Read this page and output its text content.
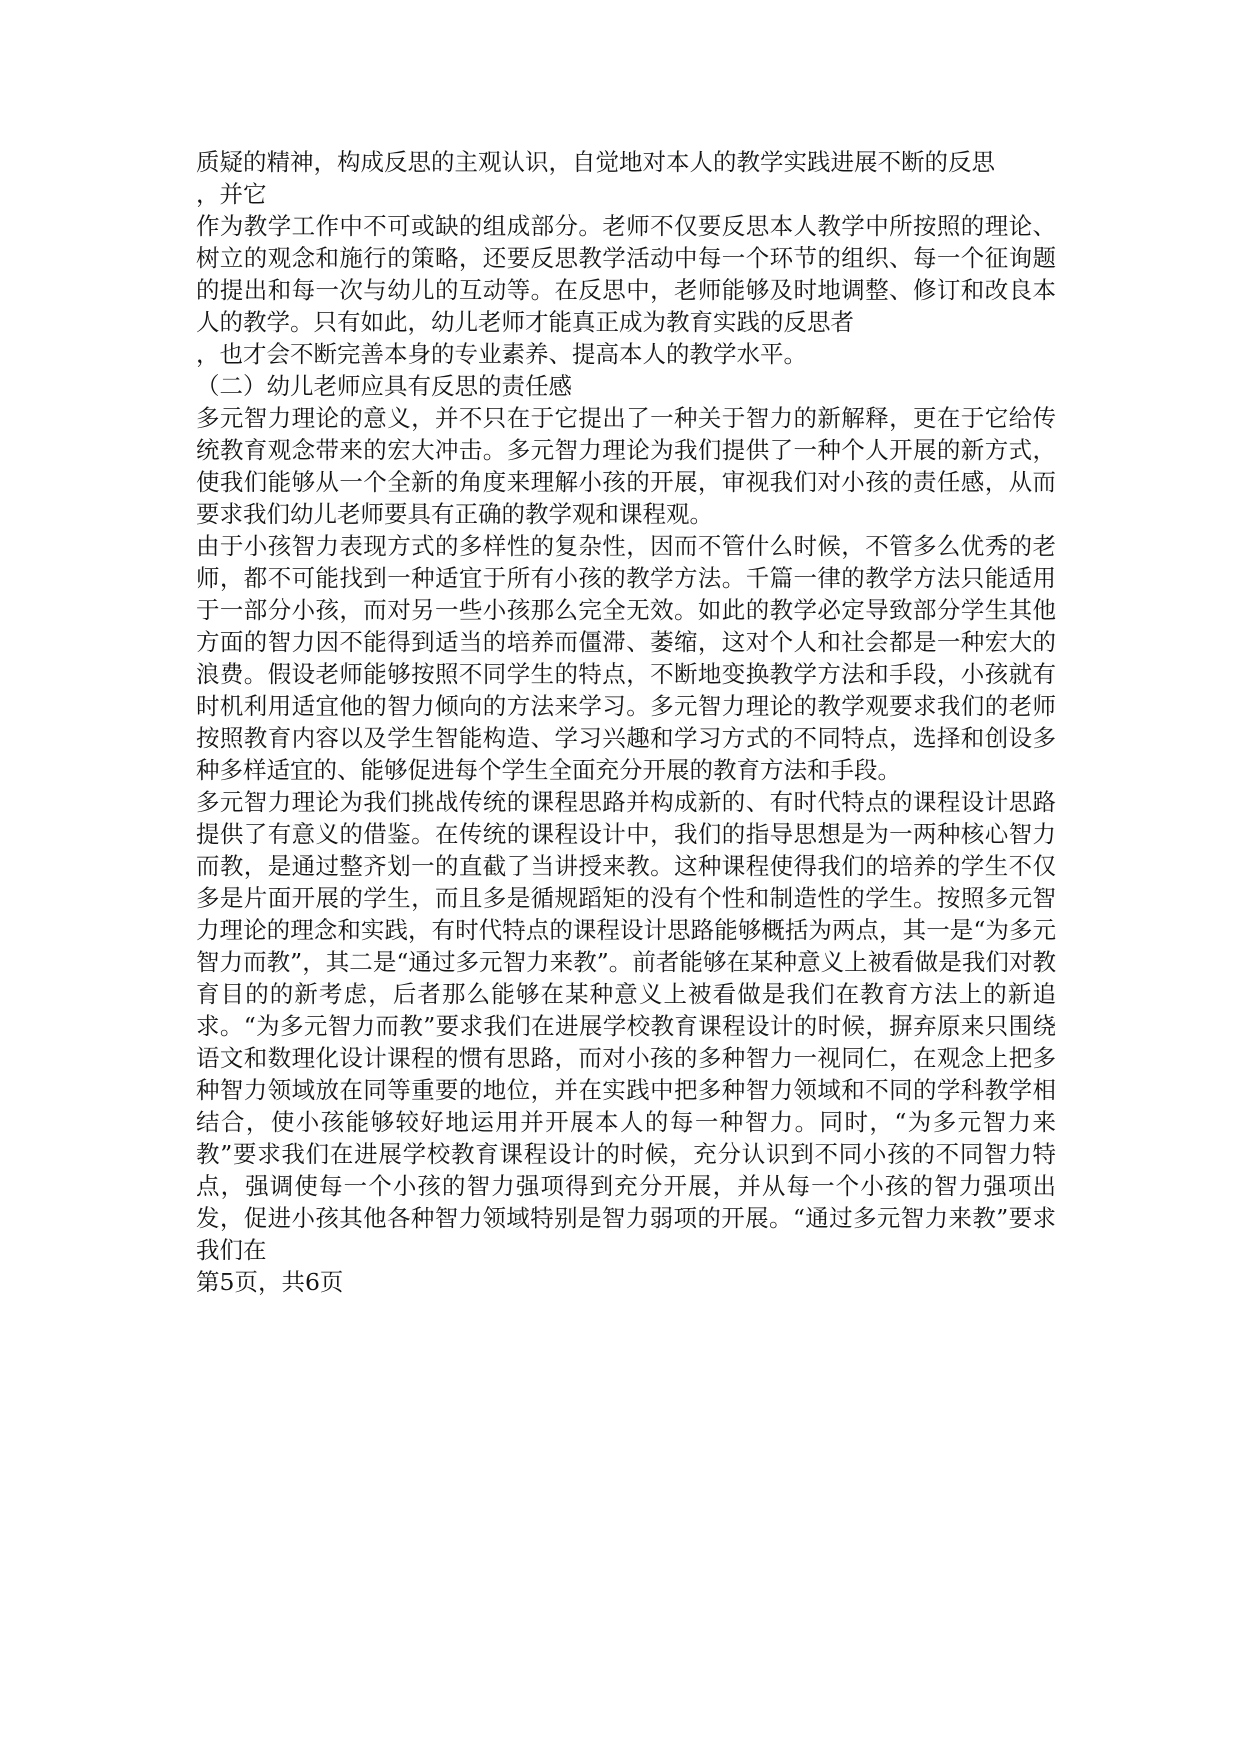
质疑的精神，构成反思的主观认识，自觉地对本人的教学实践进展不断的反思
，并它

作为教学工作中不可或缺的组成部分。老师不仅要反思本人教学中所按照的理论、树立的观念和施行的策略，还要反思教学活动中每一个环节的组织、每一个征询题的提出和每一次与幼儿的互动等。在反思中，老师能够及时地调整、修订和改良本人的教学。只有如此，幼儿老师才能真正成为教育实践的反思者
，也才会不断完善本身的专业素养、提高本人的教学水平。

（二）幼儿老师应具有反思的责任感

多元智力理论的意义，并不只在于它提出了一种关于智力的新解释，更在于它给传统教育观念带来的宏大冲击。多元智力理论为我们提供了一种个人开展的新方式，使我们能够从一个全新的角度来理解小孩的开展，审视我们对小孩的责任感，从而要求我们幼儿老师要具有正确的教学观和课程观。

由于小孩智力表现方式的多样性的复杂性，因而不管什么时候，不管多么优秀的老师，都不可能找到一种适宜于所有小孩的教学方法。千篇一律的教学方法只能适用于一部分小孩，而对另一些小孩那么完全无效。如此的教学必定导致部分学生其他方面的智力因不能得到适当的培养而僵滞、萎缩，这对个人和社会都是一种宏大的浪费。假设老师能够按照不同学生的特点，不断地变换教学方法和手段，小孩就有时机利用适宜他的智力倾向的方法来学习。多元智力理论的教学观要求我们的老师按照教育内容以及学生智能构造、学习兴趣和学习方式的不同特点，选择和创设多种多样适宜的、能够促进每个学生全面充分开展的教育方法和手段。

多元智力理论为我们挑战传统的课程思路并构成新的、有时代特点的课程设计思路提供了有意义的借鉴。在传统的课程设计中，我们的指导思想是为一两种核心智力而教，是通过整齐划一的直截了当讲授来教。这种课程使得我们的培养的学生不仅多是片面开展的学生，而且多是循规蹈矩的没有个性和制造性的学生。按照多元智力理论的理念和实践，有时代特点的课程设计思路能够概括为两点，其一是“为多元智力而教”，其二是“通过多元智力来教”。前者能够在某种意义上被看做是我们对教育目的的新考虑，后者那么能够在某种意义上被看做是我们在教育方法上的新追求。“为多元智力而教”要求我们在进展学校教育课程设计的时候，摒弃原来只围绕语文和数理化设计课程的惯有思路，而对小孩的多种智力一视同仁，在观念上把多种智力领域放在同等重要的地位，并在实践中把多种智力领域和不同的学科教学相结合，使小孩能够较好地运用并开展本人的每一种智力。同时，“为多元智力来教”要求我们在进展学校教育课程设计的时候，充分认识到不同小孩的不同智力特点，强调使每一个小孩的智力强项得到充分开展，并从每一个小孩的智力强项出发，促进小孩其他各种智力领域特别是智力弱项的开展。“通过多元智力来教”要求我们在

第5页，共6页
